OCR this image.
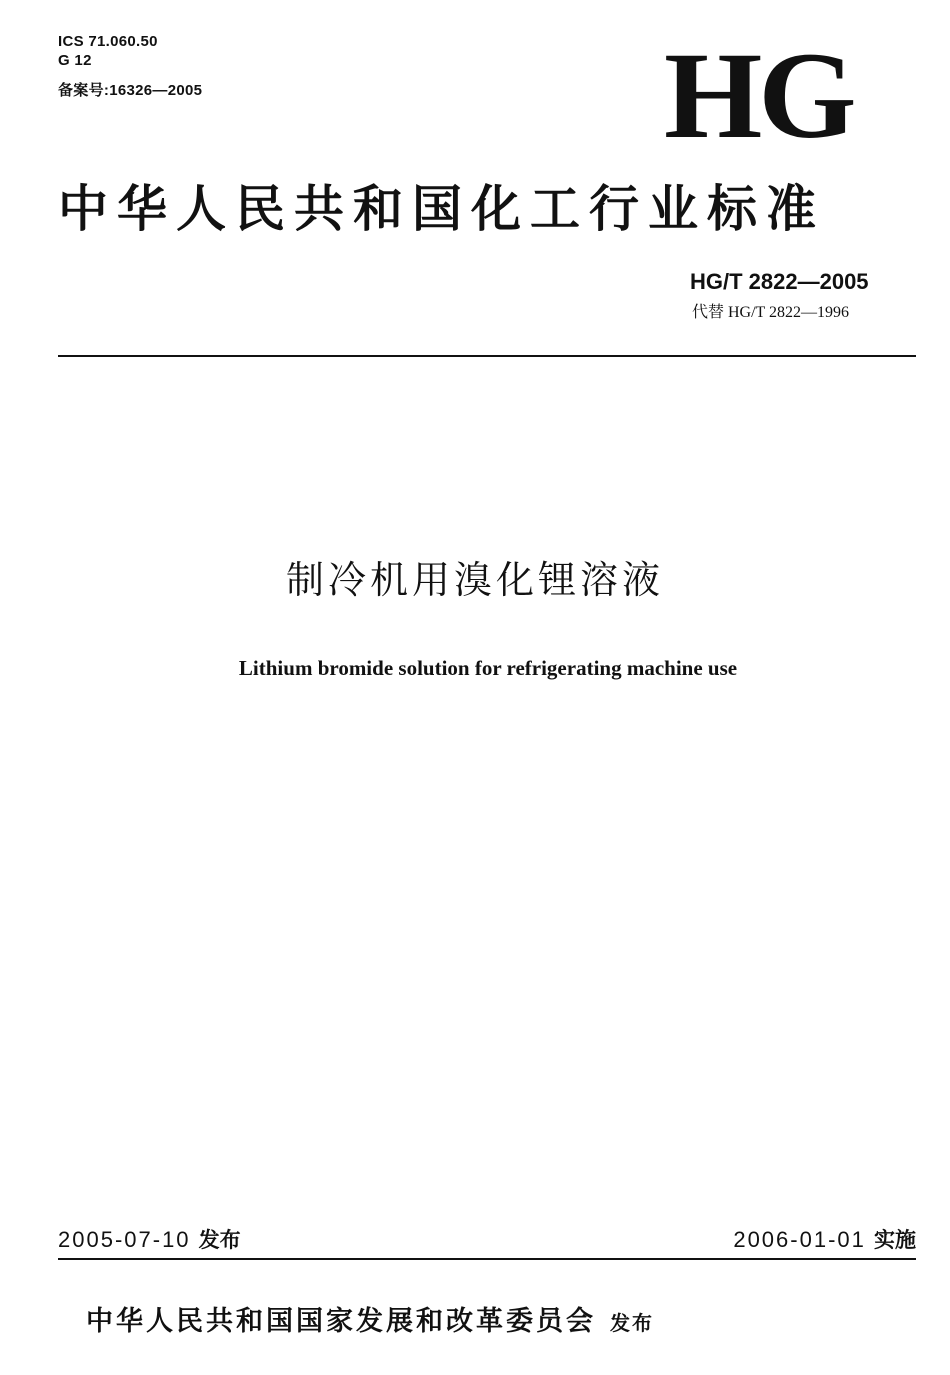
ICS 71.060.50
G 12
备案号:16326—2005	HG
中华人民共和国化工行业标准
HG/T 2822—2005
代替 HG/T 2822—1996
制冷机用溴化锂溶液
Lithium bromide solution for refrigerating machine use
2005-07-10 发布	2006-01-01 实施
中华人民共和国国家发展和改革委员会 发布
